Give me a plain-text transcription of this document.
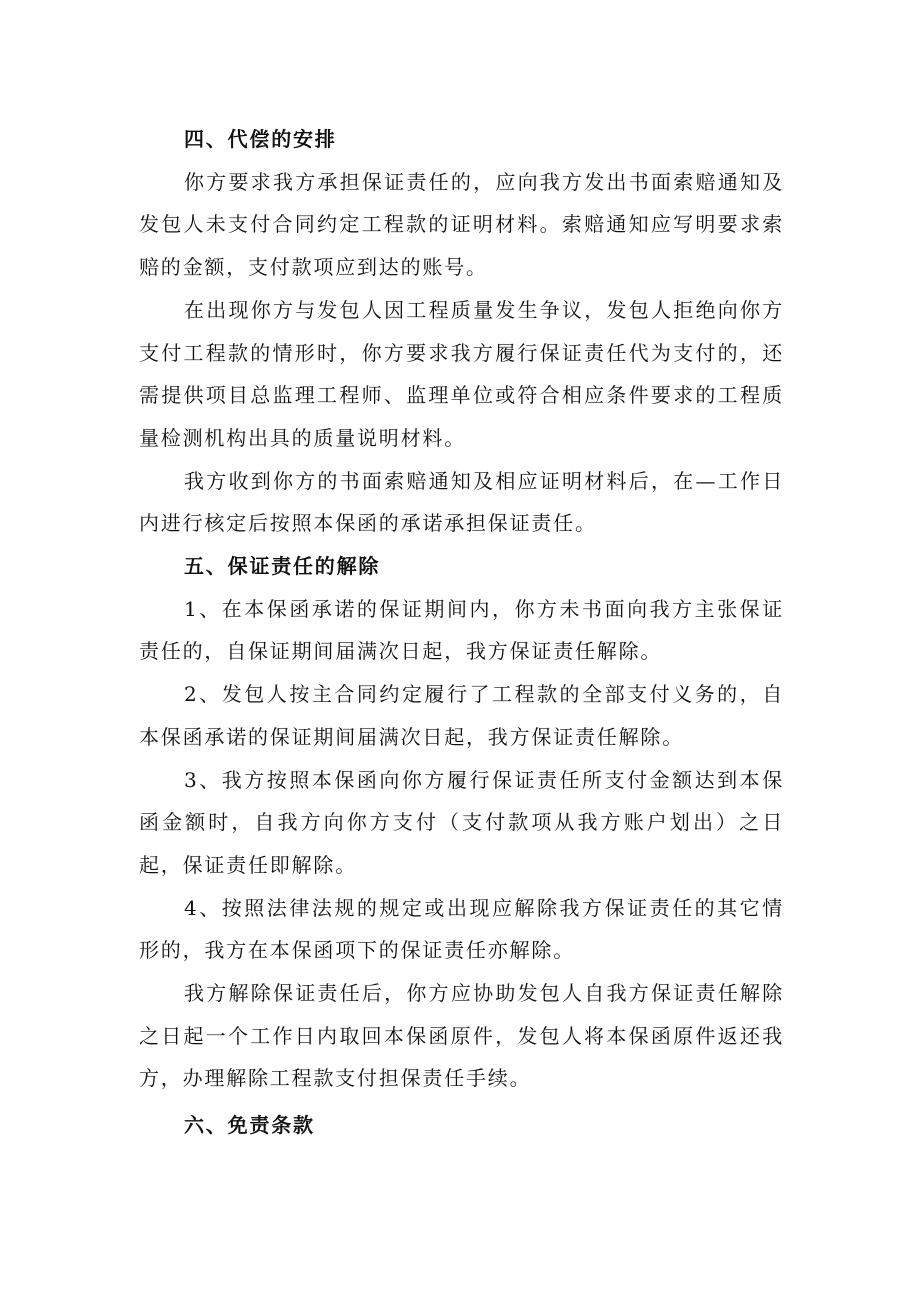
四、代偿的安排

你方要求我方承担保证责任的，应向我方发出书面索赔通知及发包人未支付合同约定工程款的证明材料。索赔通知应写明要求索赔的金额，支付款项应到达的账号。

在出现你方与发包人因工程质量发生争议，发包人拒绝向你方支付工程款的情形时，你方要求我方履行保证责任代为支付的，还需提供项目总监理工程师、监理单位或符合相应条件要求的工程质量检测机构出具的质量说明材料。

我方收到你方的书面索赔通知及相应证明材料后，在—工作日内进行核定后按照本保函的承诺承担保证责任。

五、保证责任的解除

1、在本保函承诺的保证期间内，你方未书面向我方主张保证责任的，自保证期间届满次日起，我方保证责任解除。

2、发包人按主合同约定履行了工程款的全部支付义务的，自本保函承诺的保证期间届满次日起，我方保证责任解除。

3、我方按照本保函向你方履行保证责任所支付金额达到本保函金额时，自我方向你方支付（支付款项从我方账户划出）之日起，保证责任即解除。

4、按照法律法规的规定或出现应解除我方保证责任的其它情形的，我方在本保函项下的保证责任亦解除。

我方解除保证责任后，你方应协助发包人自我方保证责任解除之日起一个工作日内取回本保函原件，发包人将本保函原件返还我方，办理解除工程款支付担保责任手续。

六、免责条款
